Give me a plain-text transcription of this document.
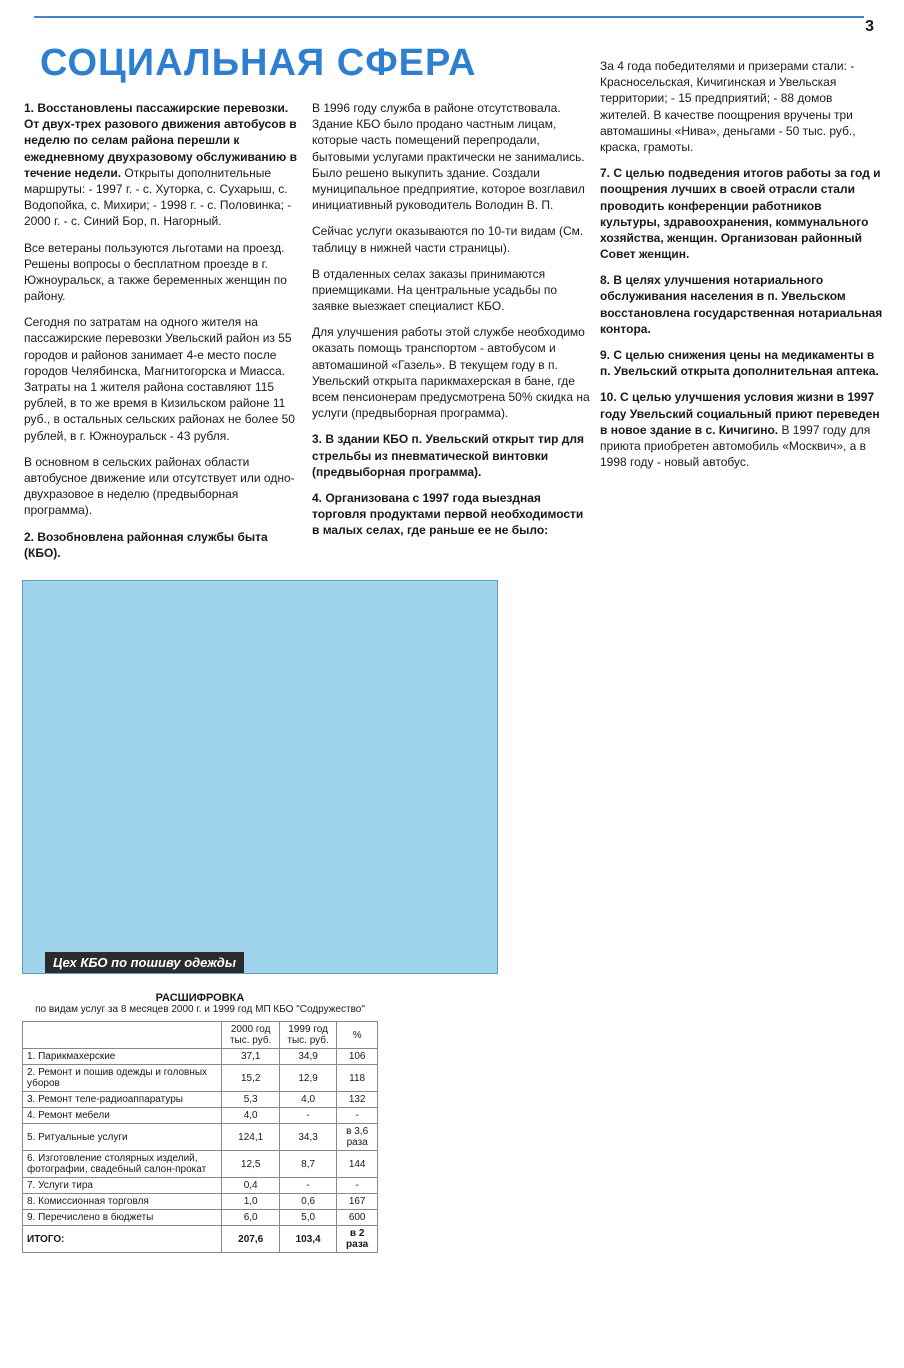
3
СОЦИАЛЬНАЯ СФЕРА

1. Восстановлены пассажирские перевозки. От двух-трех разового движения автобусов в неделю по селам района перешли к ежедневному двухразовому обслуживанию в течение недели. Открыты дополнительные маршруты: - 1997 г. - с. Хуторка, с. Сухарыш, с. Водопойка, с. Михири; - 1998 г. - с. Половинка; - 2000 г. - с. Синий Бор, п. Нагорный.

Все ветераны пользуются льготами на проезд. Решены вопросы о бесплатном проезде в г. Южноуральск, а также беременных женщин по району.

Сегодня по затратам на одного жителя на пассажирские перевозки Увельский район из 55 городов и районов занимает 4-е место после городов Челябинска, Магнитогорска и Миасса. Затраты на 1 жителя района составляют 115 рублей, в то же время в Кизильском районе 11 руб., в остальных сельских районах не более 50 рублей, в г. Южноуральск - 43 рубля.

В основном в сельских районах области автобусное движение или отсутствует или одно-двухразовое в неделю (предвыборная программа).

2. Возобновлена районная службы быта (КБО).

В 1996 году служба в районе отсутствовала. Здание КБО было продано частным лицам, которые часть помещений перепродали, бытовыми услугами практически не занимались. Было решено выкупить здание. Создали муниципальное предприятие, которое возглавил инициативный руководитель Володин В. П.

Сейчас услуги оказываются по 10-ти видам (См. таблицу в нижней части страницы).

В отдаленных селах заказы принимаются приемщиками. На центральные усадьбы по заявке выезжает специалист КБО.

Для улучшения работы этой службе необходимо оказать помощь транспортом - автобусом и автомашиной «Газель». В текущем году в п. Увельский открыта парикмахерская в бане, где всем пенсионерам предусмотрена 50% скидка на услуги (предвыборная программа).

3. В здании КБО п. Увельский открыт тир для стрельбы из пневматической винтовки (предвыборная программа).

4. Организована с 1997 года выездная торговля продуктами первой необходимости в малых селах, где раньше ее не было:

За 4 года победителями и призерами стали: - Красносельская, Кичигинская и Увельская территории; - 15 предприятий; - 88 домов жителей. В качестве поощрения вручены три автомашины «Нива», деньгами - 50 тыс. руб., краска, грамоты.

7. С целью подведения итогов работы за год и поощрения лучших в своей отрасли стали проводить конференции работников культуры, здравоохранения, коммунального хозяйства, женщин. Организован районный Совет женщин.

8. В целях улучшения нотариального обслуживания населения в п. Увельском восстановлена государственная нотариальная контора.

9. С целью снижения цены на медикаменты в п. Увельский открыта дополнительная аптека.

10. С целью улучшения условия жизни в 1997 году Увельский социальный приют переведен в новое здание в с. Кичигино. В 1997 году для приюта приобретен автомобиль «Москвич», а в 1998 году - новый автобус.

Цех КБО по пошиву одежды
РАСШИФРОВКА
по видам услуг за 8 месяцев 2000 г. и 1999 год МП КБО "Содружество"
	2000 год тыс. руб.	1999 год тыс. руб.	%
1. Парикмахерские	37,1	34,9	106
2. Ремонт и пошив одежды и головных уборов	15,2	12,9	118
3. Ремонт теле-радиоаппаратуры	5,3	4,0	132
4. Ремонт мебели	4,0	-	-
5. Ритуальные услуги	124,1	34,3	в 3,6 раза
6. Изготовление столярных изделий, фотографии, свадебный салон-прокат	12,5	8,7	144
7. Услуги тира	0,4	-	-
8. Комиссионная торговля	1,0	0,6	167
9. Перечислено в бюджеты	6,0	5,0	600
ИТОГО:	207,6	103,4	в 2 раза
